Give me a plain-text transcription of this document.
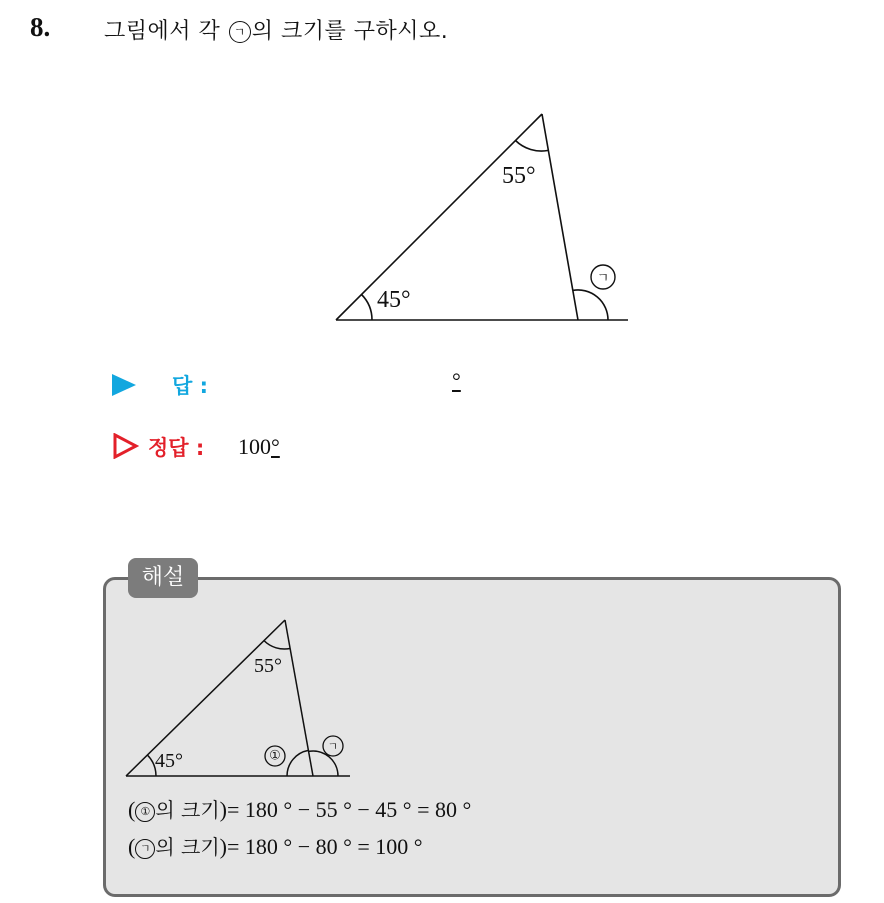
8. 그림에서 각 ㄱ 의 크기를 구하시오.
45°
55°
ㄱ
답 :	°
정답 : 100°
해설
45°
55°
①
ㄱ
( ① 의 크기)= 180 ° − 55 ° − 45 ° = 80 °
( ㄱ 의 크기)= 180 ° − 80 ° = 100 °
